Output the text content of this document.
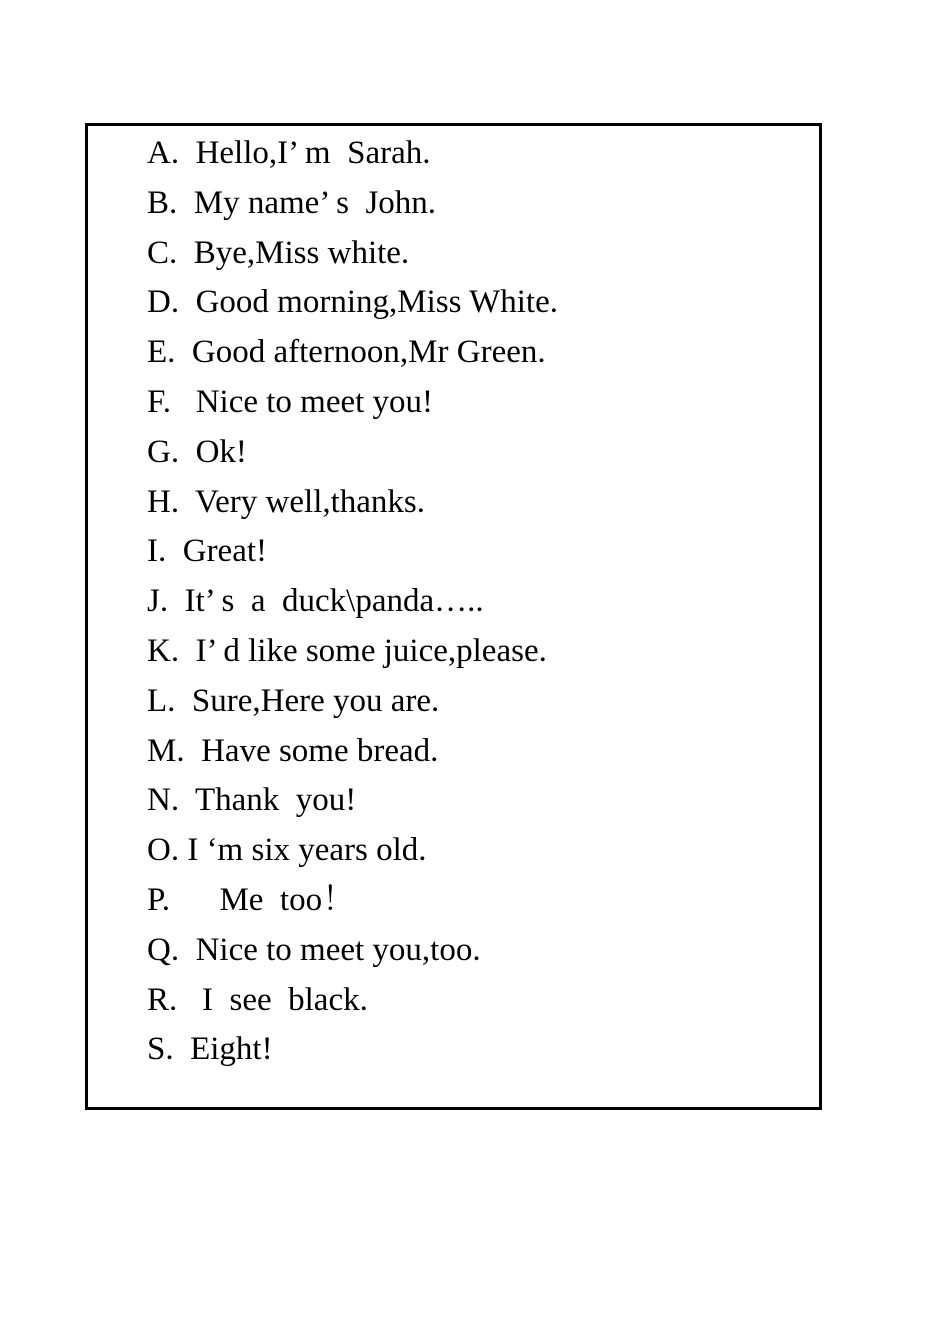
A.  Hello,I’ m  Sarah.
B.  My name’ s  John.
C.  Bye,Miss white.
D.  Good morning,Miss White.
E.  Good afternoon,Mr Green.
F.   Nice to meet you!
G.  Ok!
H.  Very well,thanks.
I.  Great!
J.  It’ s  a  duck\panda…..
K.  I’ d like some juice,please.
L.  Sure,Here you are.
M.  Have some bread.
N.  Thank  you!
O. I ‘m six years old.
P.      Me  too！
Q.  Nice to meet you,too.
R.   I  see  black.
S.  Eight!
